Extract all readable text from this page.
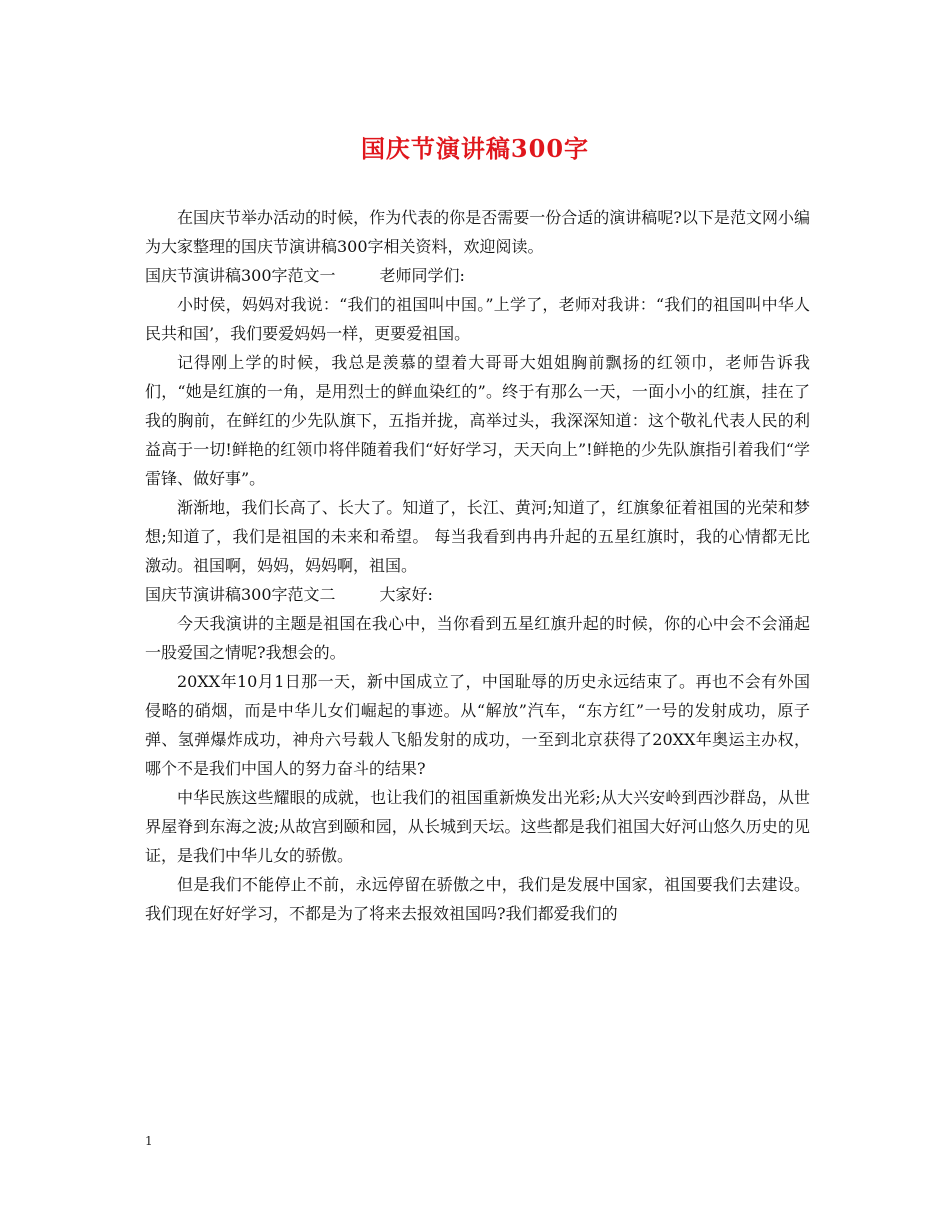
国庆节演讲稿300字

在国庆节举办活动的时候，作为代表的你是否需要一份合适的演讲稿呢?以下是范文网小编为大家整理的国庆节演讲稿300字相关资料，欢迎阅读。

国庆节演讲稿300字范文一	老师同学们:

小时侯，妈妈对我说：“我们的祖国叫中国。”上学了，老师对我讲：“我们的祖国叫中华人民共和国’，我们要爱妈妈一样，更要爱祖国。

记得刚上学的时候，我总是羡慕的望着大哥哥大姐姐胸前飘扬的红领巾，老师告诉我们，“她是红旗的一角，是用烈士的鲜血染红的”。终于有那么一天，一面小小的红旗，挂在了我的胸前，在鲜红的少先队旗下，五指并拢，高举过头，我深深知道：这个敬礼代表人民的利益高于一切!鲜艳的红领巾将伴随着我们“好好学习，天天向上”!鲜艳的少先队旗指引着我们“学雷锋、做好事”。

渐渐地，我们长高了、长大了。知道了，长江、黄河;知道了，红旗象征着祖国的光荣和梦想;知道了，我们是祖国的未来和希望。 每当我看到冉冉升起的五星红旗时，我的心情都无比激动。祖国啊，妈妈，妈妈啊，祖国。

国庆节演讲稿300字范文二	大家好:

今天我演讲的主题是祖国在我心中，当你看到五星红旗升起的时候，你的心中会不会涌起一股爱国之情呢?我想会的。

20XX年10月1日那一天，新中国成立了，中国耻辱的历史永远结束了。再也不会有外国侵略的硝烟，而是中华儿女们崛起的事迹。从“解放”汽车，“东方红”一号的发射成功，原子弹、氢弹爆炸成功，神舟六号载人飞船发射的成功，一至到北京获得了20XX年奥运主办权，哪个不是我们中国人的努力奋斗的结果?

中华民族这些耀眼的成就，也让我们的祖国重新焕发出光彩;从大兴安岭到西沙群岛，从世界屋脊到东海之波;从故宫到颐和园，从长城到天坛。这些都是我们祖国大好河山悠久历史的见证，是我们中华儿女的骄傲。

但是我们不能停止不前，永远停留在骄傲之中，我们是发展中国家，祖国要我们去建设。我们现在好好学习，不都是为了将来去报效祖国吗?我们都爱我们的

1
